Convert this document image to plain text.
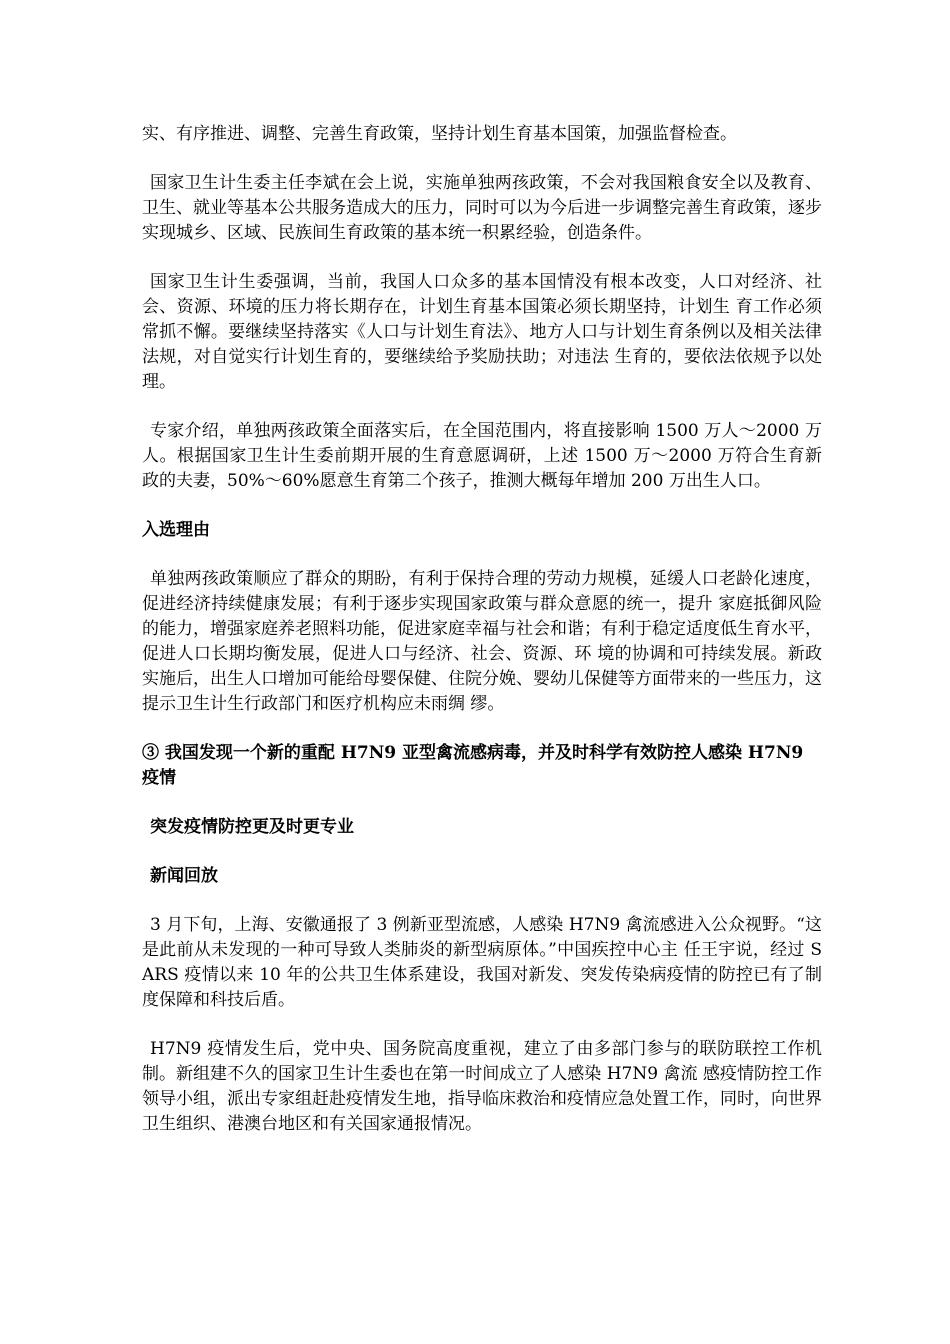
实、有序推进、调整、完善生育政策，坚持计划生育基本国策，加强监督检查。

国家卫生计生委主任李斌在会上说，实施单独两孩政策，不会对我国粮食安全以及教育、卫生、就业等基本公共服务造成大的压力，同时可以为今后进一步调整完善生育政策，逐步实现城乡、区域、民族间生育政策的基本统一积累经验，创造条件。

国家卫生计生委强调，当前，我国人口众多的基本国情没有根本改变，人口对经济、社会、资源、环境的压力将长期存在，计划生育基本国策必须长期坚持，计划生 育工作必须常抓不懈。要继续坚持落实《人口与计划生育法》、地方人口与计划生育条例以及相关法律法规，对自觉实行计划生育的，要继续给予奖励扶助；对违法 生育的，要依法依规予以处理。

专家介绍，单独两孩政策全面落实后，在全国范围内，将直接影响 1500 万人～2000 万人。根据国家卫生计生委前期开展的生育意愿调研，上述 1500 万～2000 万符合生育新政的夫妻，50%～60%愿意生育第二个孩子，推测大概每年增加 200 万出生人口。

入选理由

单独两孩政策顺应了群众的期盼，有利于保持合理的劳动力规模，延缓人口老龄化速度，促进经济持续健康发展；有利于逐步实现国家政策与群众意愿的统一，提升 家庭抵御风险的能力，增强家庭养老照料功能，促进家庭幸福与社会和谐；有利于稳定适度低生育水平，促进人口长期均衡发展，促进人口与经济、社会、资源、环 境的协调和可持续发展。新政实施后，出生人口增加可能给母婴保健、住院分娩、婴幼儿保健等方面带来的一些压力，这提示卫生计生行政部门和医疗机构应未雨绸 缪。

③ 我国发现一个新的重配 H7N9 亚型禽流感病毒，并及时科学有效防控人感染 H7N9 疫情
突发疫情防控更及时更专业
新闻回放

3 月下旬，上海、安徽通报了 3 例新亚型流感，人感染 H7N9 禽流感进入公众视野。“这是此前从未发现的一种可导致人类肺炎的新型病原体。”中国疾控中心主 任王宇说，经过 SARS 疫情以来 10 年的公共卫生体系建设，我国对新发、突发传染病疫情的防控已有了制度保障和科技后盾。

H7N9 疫情发生后，党中央、国务院高度重视，建立了由多部门参与的联防联控工作机制。新组建不久的国家卫生计生委也在第一时间成立了人感染 H7N9 禽流 感疫情防控工作领导小组，派出专家组赶赴疫情发生地，指导临床救治和疫情应急处置工作，同时，向世界卫生组织、港澳台地区和有关国家通报情况。
